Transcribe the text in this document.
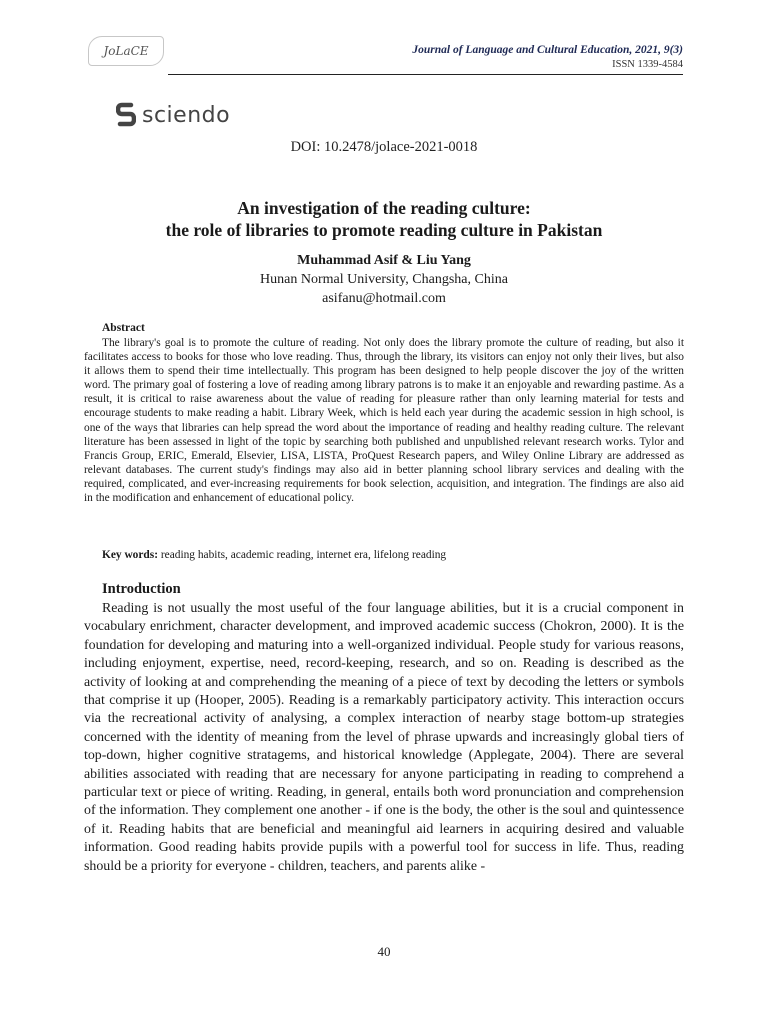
JoLaCE	Journal of Language and Cultural Education, 2021, 9(3)
ISSN 1339-4584
sciendo
DOI: 10.2478/jolace-2021-0018
An investigation of the reading culture:
the role of libraries to promote reading culture in Pakistan
Muhammad Asif & Liu Yang
Hunan Normal University, Changsha, China
asifanu@hotmail.com
Abstract
The library's goal is to promote the culture of reading. Not only does the library promote the culture of reading, but also it facilitates access to books for those who love reading. Thus, through the library, its visitors can enjoy not only their lives, but also it allows them to spend their time intellectually. This program has been designed to help people discover the joy of the written word. The primary goal of fostering a love of reading among library patrons is to make it an enjoyable and rewarding pastime. As a result, it is critical to raise awareness about the value of reading for pleasure rather than only learning material for tests and encourage students to make reading a habit. Library Week, which is held each year during the academic session in high school, is one of the ways that libraries can help spread the word about the importance of reading and healthy reading culture. The relevant literature has been assessed in light of the topic by searching both published and unpublished relevant research works. Tylor and Francis Group, ERIC, Emerald, Elsevier, LISA, LISTA, ProQuest Research papers, and Wiley Online Library are addressed as relevant databases. The current study's findings may also aid in better planning school library services and dealing with the required, complicated, and ever-increasing requirements for book selection, acquisition, and integration. The findings are also aid in the modification and enhancement of educational policy.
Key words: reading habits, academic reading, internet era, lifelong reading
Introduction
Reading is not usually the most useful of the four language abilities, but it is a crucial component in vocabulary enrichment, character development, and improved academic success (Chokron, 2000). It is the foundation for developing and maturing into a well-organized individual. People study for various reasons, including enjoyment, expertise, need, record-keeping, research, and so on. Reading is described as the activity of looking at and comprehending the meaning of a piece of text by decoding the letters or symbols that comprise it up (Hooper, 2005). Reading is a remarkably participatory activity. This interaction occurs via the recreational activity of analysing, a complex interaction of nearby stage bottom-up strategies concerned with the identity of meaning from the level of phrase upwards and increasingly global tiers of top-down, higher cognitive stratagems, and historical knowledge (Applegate, 2004). There are several abilities associated with reading that are necessary for anyone participating in reading to comprehend a particular text or piece of writing. Reading, in general, entails both word pronunciation and comprehension of the information. They complement one another - if one is the body, the other is the soul and quintessence of it. Reading habits that are beneficial and meaningful aid learners in acquiring desired and valuable information. Good reading habits provide pupils with a powerful tool for success in life. Thus, reading should be a priority for everyone - children, teachers, and parents alike -
40
